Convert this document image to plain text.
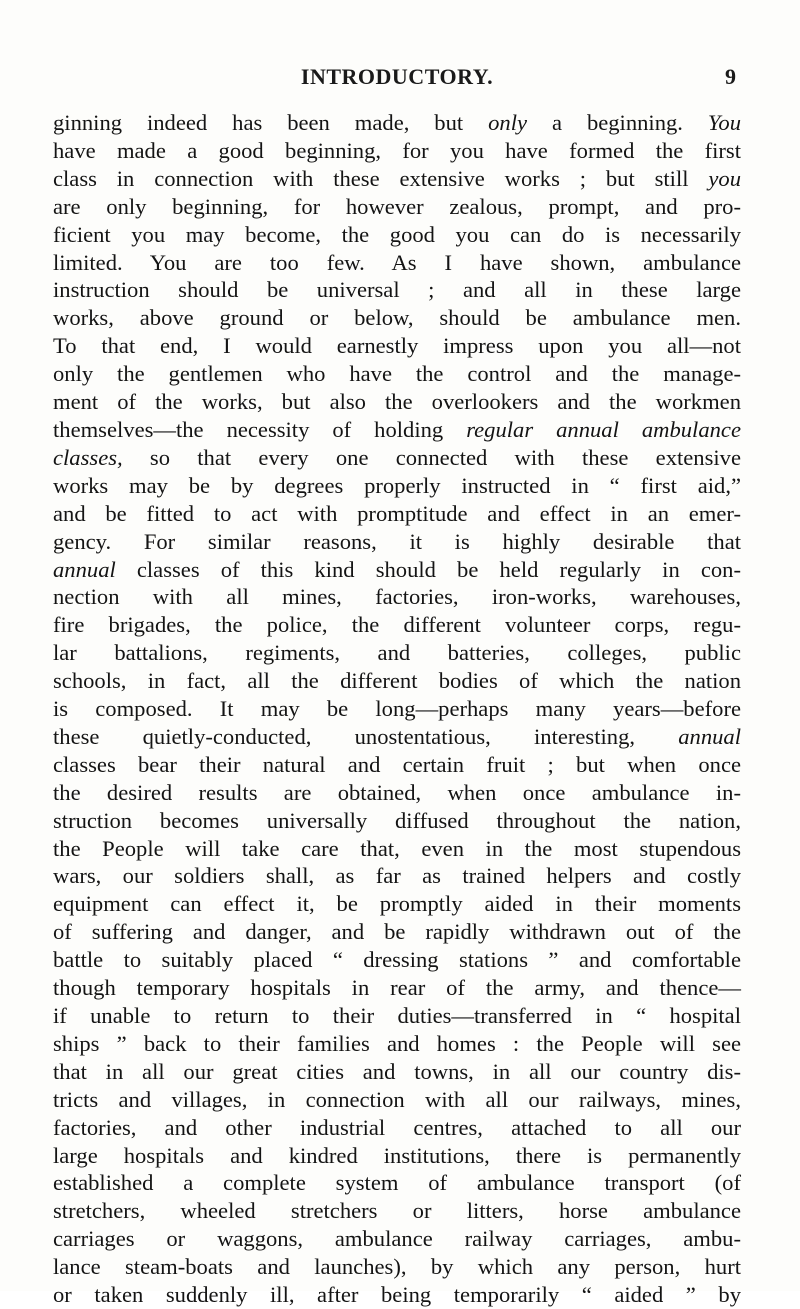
INTRODUCTORY.	9
ginning indeed has been made, but only a beginning. You
have made a good beginning, for you have formed the first
class in connection with these extensive works ; but still you
are only beginning, for however zealous, prompt, and pro-
ficient you may become, the good you can do is necessarily
limited. You are too few. As I have shown, ambulance
instruction should be universal ; and all in these large
works, above ground or below, should be ambulance men.
To that end, I would earnestly impress upon you all—not
only the gentlemen who have the control and the manage-
ment of the works, but also the overlookers and the workmen
themselves—the necessity of holding regular annual ambulance
classes, so that every one connected with these extensive
works may be by degrees properly instructed in “ first aid,”
and be fitted to act with promptitude and effect in an emer-
gency. For similar reasons, it is highly desirable that
annual classes of this kind should be held regularly in con-
nection with all mines, factories, iron-works, warehouses,
fire brigades, the police, the different volunteer corps, regu-
lar battalions, regiments, and batteries, colleges, public
schools, in fact, all the different bodies of which the nation
is composed. It may be long—perhaps many years—before
these quietly-conducted, unostentatious, interesting, annual
classes bear their natural and certain fruit ; but when once
the desired results are obtained, when once ambulance in-
struction becomes universally diffused throughout the nation,
the People will take care that, even in the most stupendous
wars, our soldiers shall, as far as trained helpers and costly
equipment can effect it, be promptly aided in their moments
of suffering and danger, and be rapidly withdrawn out of the
battle to suitably placed “ dressing stations ” and comfortable
though temporary hospitals in rear of the army, and thence—
if unable to return to their duties—transferred in “ hospital
ships ” back to their families and homes : the People will see
that in all our great cities and towns, in all our country dis-
tricts and villages, in connection with all our railways, mines,
factories, and other industrial centres, attached to all our
large hospitals and kindred institutions, there is permanently
established a complete system of ambulance transport (of
stretchers, wheeled stretchers or litters, horse ambulance
carriages or waggons, ambulance railway carriages, ambu-
lance steam-boats and launches), by which any person, hurt
or taken suddenly ill, after being temporarily “ aided ” by
